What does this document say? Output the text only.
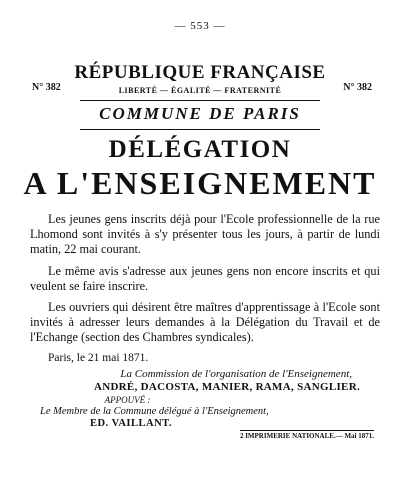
— 553 —
N° 382	N° 382
RÉPUBLIQUE FRANÇAISE
LIBERTÉ — ÉGALITÉ — FRATERNITÉ
COMMUNE DE PARIS
DÉLÉGATION
A L'ENSEIGNEMENT
Les jeunes gens inscrits déjà pour l'Ecole professionnelle de la rue Lhomond sont invités à s'y présenter tous les jours, à partir de lundi matin, 22 mai courant.
Le même avis s'adresse aux jeunes gens non encore inscrits et qui veulent se faire inscrire.
Les ouvriers qui désirent être maîtres d'apprentissage à l'Ecole sont invités à adresser leurs demandes à la Délégation du Travail et de l'Echange (section des Chambres syndicales).
Paris, le 21 mai 1871.
La Commission de l'organisation de l'Enseignement,
ANDRÉ, DACOSTA, MANIER, RAMA, SANGLIER.
APPOUVÉ :
Le Membre de la Commune délégué à l'Enseignement,
ED. VAILLANT.
2 IMPRIMERIE NATIONALE.— Mai 1871.
